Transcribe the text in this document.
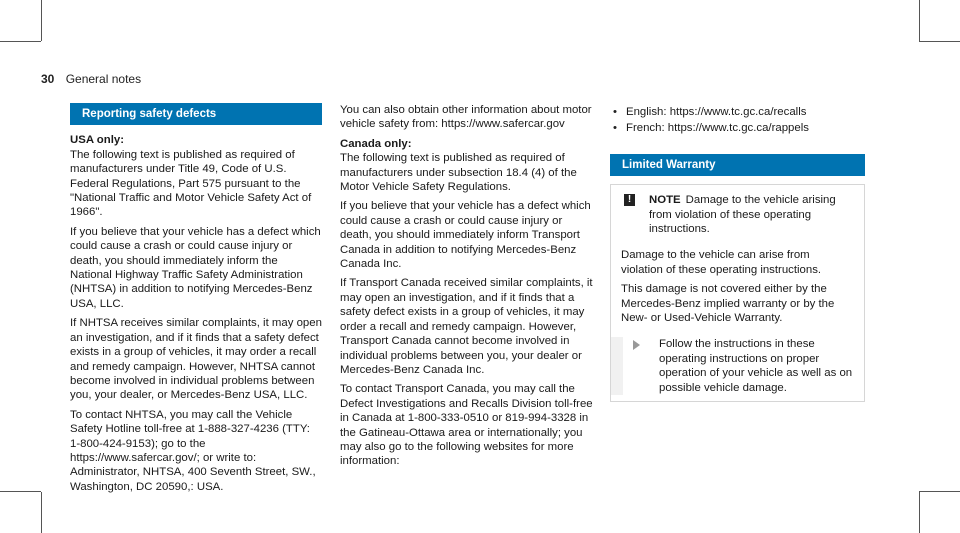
30 General notes
Reporting safety defects
USA only:

The following text is published as required of manufacturers under Title 49, Code of U.S. Federal Regulations, Part 575 pursuant to the "National Traffic and Motor Vehicle Safety Act of 1966".

If you believe that your vehicle has a defect which could cause a crash or could cause injury or death, you should immediately inform the National Highway Traffic Safety Administration (NHTSA) in addition to notifying Mercedes-Benz USA, LLC.

If NHTSA receives similar complaints, it may open an investigation, and if it finds that a safety defect exists in a group of vehicles, it may order a recall and remedy campaign. However, NHTSA cannot become involved in individual problems between you, your dealer, or Mercedes-Benz USA, LLC.

To contact NHTSA, you may call the Vehicle Safety Hotline toll-free at 1-888-327-4236 (TTY: 1-800-424-9153); go to the https://www.safercar.gov/; or write to: Administrator, NHTSA, 400 Seventh Street, SW., Washington, DC 20590,: USA.

You can also obtain other information about motor vehicle safety from: https://www.safercar.gov

Canada only:

The following text is published as required of manufacturers under subsection 18.4 (4) of the Motor Vehicle Safety Regulations.

If you believe that your vehicle has a defect which could cause a crash or could cause injury or death, you should immediately inform Transport Canada in addition to notifying Mercedes-Benz Canada Inc.

If Transport Canada received similar complaints, it may open an investigation, and if it finds that a safety defect exists in a group of vehicles, it may order a recall and remedy campaign. However, Transport Canada cannot become involved in individual problems between you, your dealer or Mercedes-Benz Canada Inc.

To contact Transport Canada, you may call the Defect Investigations and Recalls Division toll-free in Canada at 1-800-333-0510 or 819-994-3328 in the Gatineau-Ottawa area or internationally; you may also go to the following websites for more information:

• English: https://www.tc.gc.ca/recalls
• French: https://www.tc.gc.ca/rappels
Limited Warranty
!	NOTE Damage to the vehicle arising from violation of these operating instructions.

Damage to the vehicle can arise from violation of these operating instructions.

This damage is not covered either by the Mercedes-Benz implied warranty or by the New- or Used-Vehicle Warranty.

Follow the instructions in these operating instructions on proper operation of your vehicle as well as on possible vehicle damage.
